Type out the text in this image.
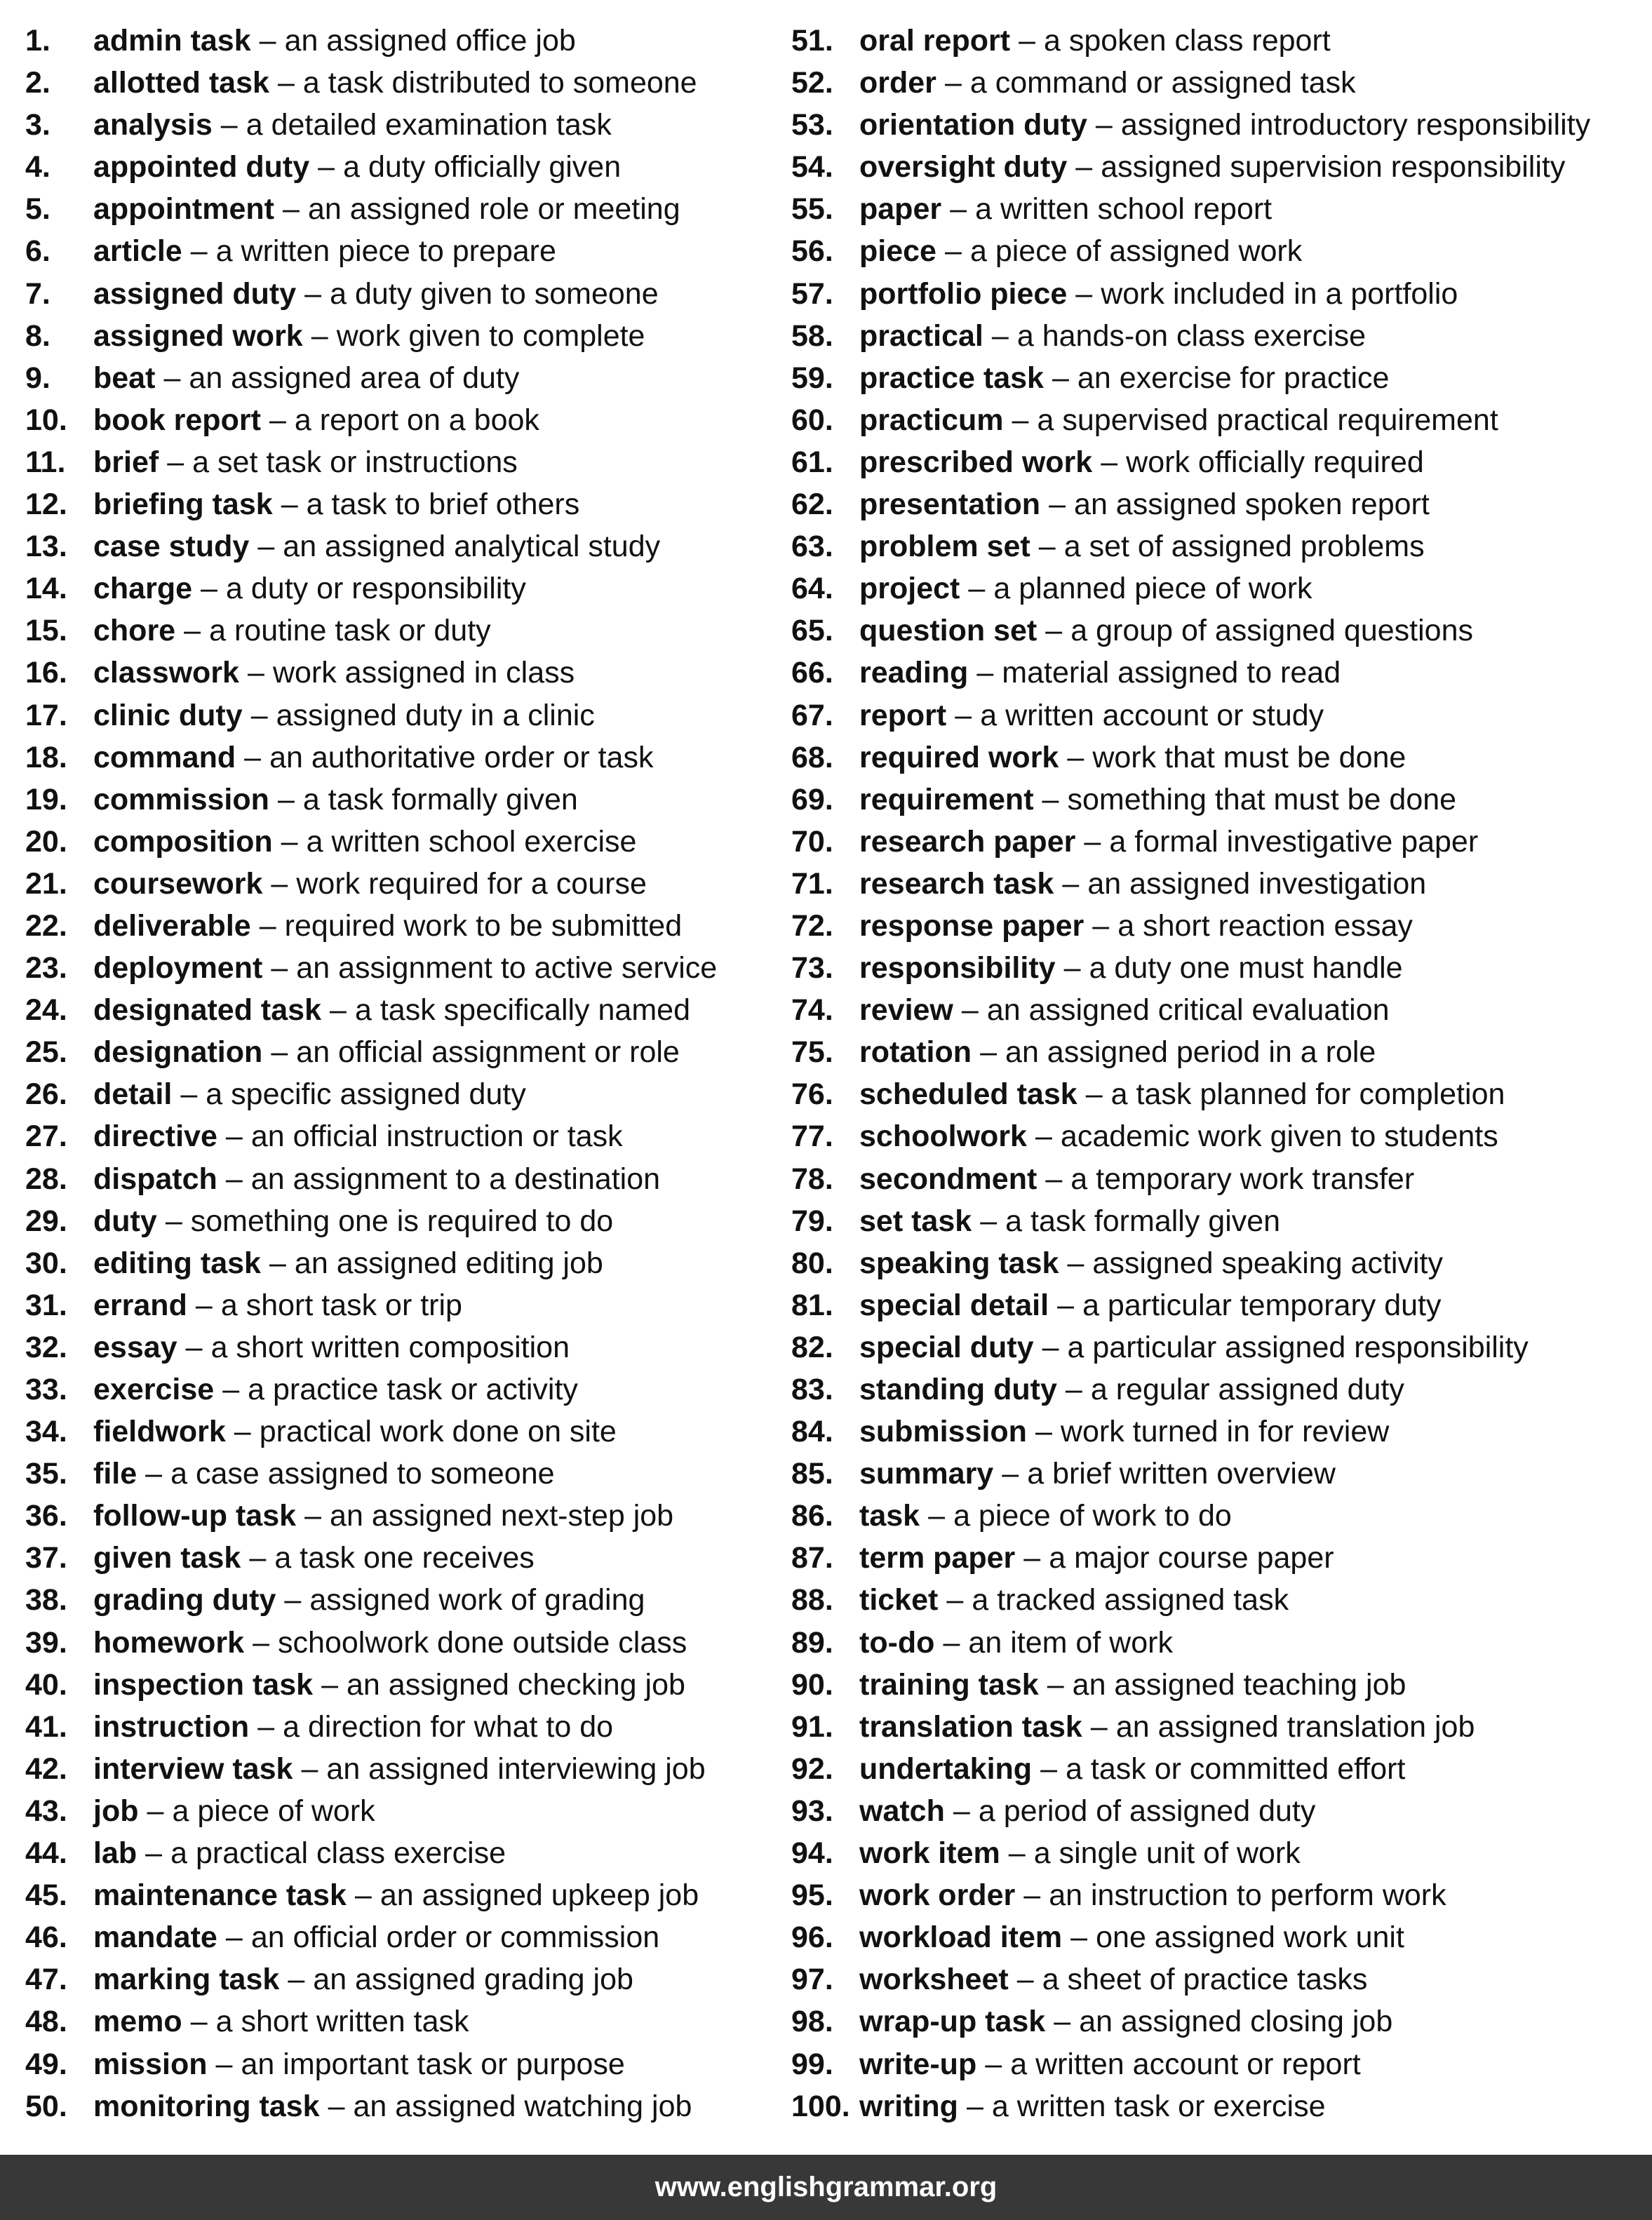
1.	admin task – an assigned office job
2.	allotted task – a task distributed to someone
3.	analysis – a detailed examination task
4.	appointed duty – a duty officially given
5.	appointment – an assigned role or meeting
6.	article – a written piece to prepare
7.	assigned duty – a duty given to someone
8.	assigned work – work given to complete
9.	beat – an assigned area of duty
10. book report – a report on a book
11. brief – a set task or instructions
12. briefing task – a task to brief others
13. case study – an assigned analytical study
14. charge – a duty or responsibility
15. chore – a routine task or duty
16. classwork – work assigned in class
17. clinic duty – assigned duty in a clinic
18. command – an authoritative order or task
19. commission – a task formally given
20. composition – a written school exercise
21. coursework – work required for a course
22. deliverable – required work to be submitted
23. deployment – an assignment to active service
24. designated task – a task specifically named
25. designation – an official assignment or role
26. detail – a specific assigned duty
27. directive – an official instruction or task
28. dispatch – an assignment to a destination
29. duty – something one is required to do
30. editing task – an assigned editing job
31. errand – a short task or trip
32. essay – a short written composition
33. exercise – a practice task or activity
34. fieldwork – practical work done on site
35. file – a case assigned to someone
36. follow-up task – an assigned next-step job
37. given task – a task one receives
38. grading duty – assigned work of grading
39. homework – schoolwork done outside class
40. inspection task – an assigned checking job
41. instruction – a direction for what to do
42. interview task – an assigned interviewing job
43. job – a piece of work
44. lab – a practical class exercise
45. maintenance task – an assigned upkeep job
46. mandate – an official order or commission
47. marking task – an assigned grading job
48. memo – a short written task
49. mission – an important task or purpose
50. monitoring task – an assigned watching job
51. oral report – a spoken class report
52. order – a command or assigned task
53. orientation duty – assigned introductory responsibility
54. oversight duty – assigned supervision responsibility
55. paper – a written school report
56. piece – a piece of assigned work
57. portfolio piece – work included in a portfolio
58. practical – a hands-on class exercise
59. practice task – an exercise for practice
60. practicum – a supervised practical requirement
61. prescribed work – work officially required
62. presentation – an assigned spoken report
63. problem set – a set of assigned problems
64. project – a planned piece of work
65. question set – a group of assigned questions
66. reading – material assigned to read
67. report – a written account or study
68. required work – work that must be done
69. requirement – something that must be done
70. research paper – a formal investigative paper
71. research task – an assigned investigation
72. response paper – a short reaction essay
73. responsibility – a duty one must handle
74. review – an assigned critical evaluation
75. rotation – an assigned period in a role
76. scheduled task – a task planned for completion
77. schoolwork – academic work given to students
78. secondment – a temporary work transfer
79. set task – a task formally given
80. speaking task – assigned speaking activity
81. special detail – a particular temporary duty
82. special duty – a particular assigned responsibility
83. standing duty – a regular assigned duty
84. submission – work turned in for review
85. summary – a brief written overview
86. task – a piece of work to do
87. term paper – a major course paper
88. ticket – a tracked assigned task
89. to-do – an item of work
90. training task – an assigned teaching job
91. translation task – an assigned translation job
92. undertaking – a task or committed effort
93. watch – a period of assigned duty
94. work item – a single unit of work
95. work order – an instruction to perform work
96. workload item – one assigned work unit
97. worksheet – a sheet of practice tasks
98. wrap-up task – an assigned closing job
99. write-up – a written account or report
100. writing – a written task or exercise
www.englishgrammar.org
